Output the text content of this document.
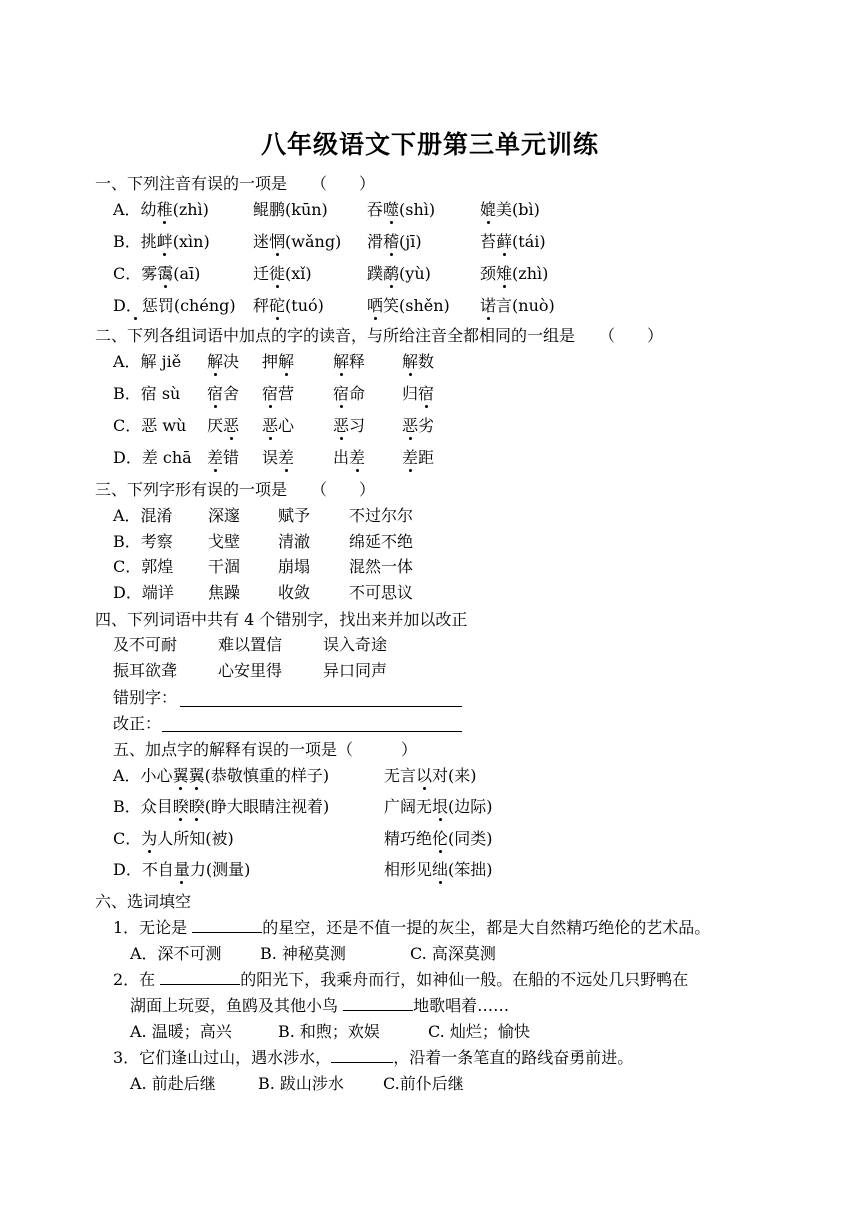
八年级语文下册第三单元训练
一、下列注音有误的一项是　　（　　）
A．幼稚(zhì)	鲲鹏(kūn) 吞噬(shì)	媲美(bì)
B．挑衅(xìn)	迷惘(wǎng) 滑稽(jī)	苔藓(tái)
C．雾霭(aī)	迁徙(xǐ)	蹼鹬(yù)	颈雉(zhì)
D．惩罚(chéng) 秤砣(tuó)	哂笑(shěn) 诺言(nuò)
二、下列各组词语中加点的字的读音，与所给注音全都相同的一组是　　（　　）
A．解 jiě 解决 押解 解释 解数
B．宿 sù 宿舍 宿营 宿命 归宿
C．恶 wù 厌恶 恶心 恶习 恶劣
D．差 chā 差错 误差 出差 差距
三、下列字形有误的一项是　　（　　）
A．混淆 深邃 赋予 不过尔尔
B．考察 戈壁 清澈 绵延不绝
C．郭煌 干涸 崩塌 混然一体
D．端详 焦躁 收敛 不可思议
四、下列词语中共有 4 个错别字，找出来并加以改正
及不可耐	难以置信	误入奇途
振耳欲聋	心安里得	异口同声
错别字：
改正：
五、加点字的解释有误的一项是（　　　）
A．小心翼翼(恭敬慎重的样子)	无言以对(来)
B．众目睽睽(睁大眼睛注视着)	广阔无垠(边际)
C．为人所知(被)	精巧绝伦(同类)
D．不自量力(测量)	相形见绌(笨拙)
六、选词填空
1．无论是	的星空，还是不值一提的灰尘，都是大自然精巧绝伦的艺术品。
A．深不可测 B. 神秘莫测	C. 高深莫测
2．在	的阳光下，我乘舟而行，如神仙一般。在船的不远处几只野鸭在
湖面上玩耍，鱼鸥及其他小鸟	地歌唱着……
A. 温暖；高兴	B. 和煦；欢娱	C. 灿烂；愉快
3．它们逢山过山，遇水涉水，	，沿着一条笔直的路线奋勇前进。
A. 前赴后继	B. 跋山涉水 C.前仆后继
